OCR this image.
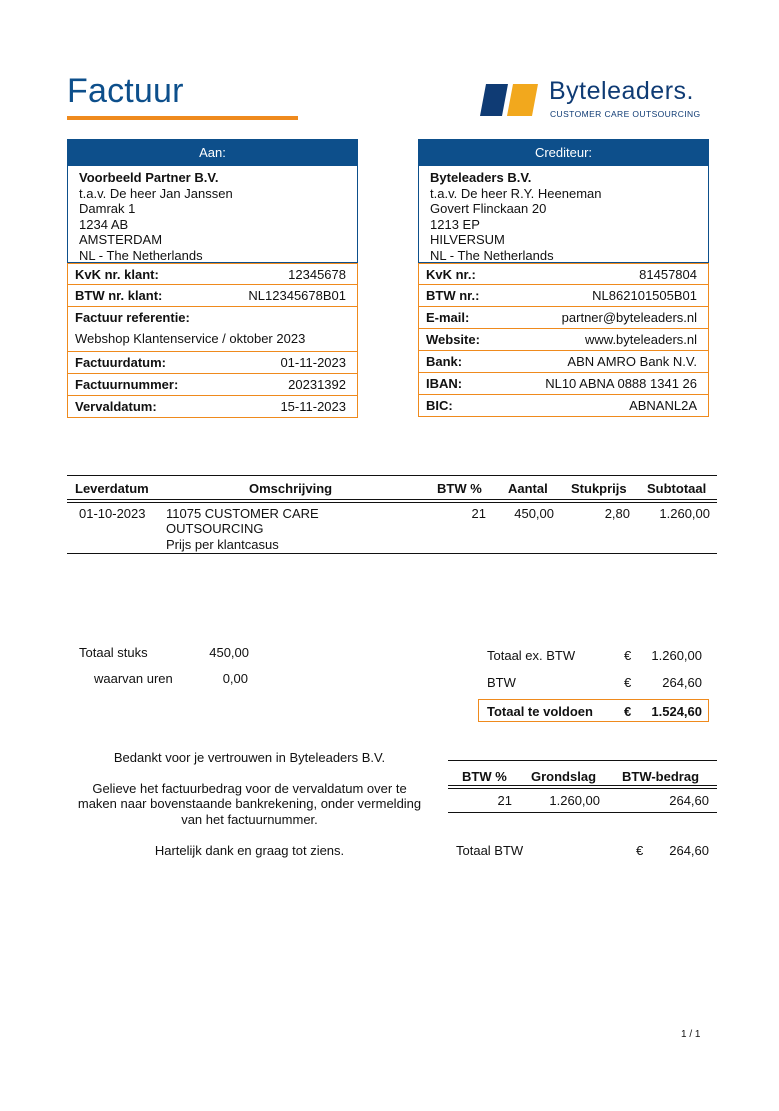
Factuur	Byteleaders.
CUSTOMER CARE OUTSOURCING
Aan:
Voorbeeld Partner B.V.
t.a.v. De heer Jan Janssen
Damrak 1
1234 AB
AMSTERDAM
NL - The Netherlands
KvK nr. klant:	12345678
BTW nr. klant:	NL12345678B01
Factuur referentie:
Webshop Klantenservice / oktober 2023
Factuurdatum:	01-11-2023
Factuurnummer:	20231392
Vervaldatum:	15-11-2023
Crediteur:
Byteleaders B.V.
t.a.v. De heer R.Y. Heeneman
Govert Flinckaan 20
1213 EP
HILVERSUM
NL - The Netherlands
KvK nr.:	81457804
BTW nr.:	NL862101505B01
E-mail:	partner@byteleaders.nl
Website:	www.byteleaders.nl
Bank:	ABN AMRO Bank N.V.
IBAN:	NL10 ABNA 0888 1341 26
BIC:	ABNANL2A
Leverdatum	Omschrijving	BTW % Aantal Stukprijs Subtotaal
01-10-2023 11075 CUSTOMER CARE
OUTSOURCING
Prijs per klantcasus
21	450,00	2,80	1.260,00
Totaal stuks	450,00
waarvan uren	0,00
Totaal ex. BTW	€	1.260,00
BTW	€	264,60
Totaal te voldoen €	1.524,60
Bedankt voor je vertrouwen in Byteleaders B.V.
Gelieve het factuurbedrag voor de vervaldatum over te
maken naar bovenstaande bankrekening, onder vermelding
van het factuurnummer.
Hartelijk dank en graag tot ziens.
BTW % Grondslag BTW-bedrag
21	1.260,00	264,60
Totaal BTW	€	264,60
1 / 1
